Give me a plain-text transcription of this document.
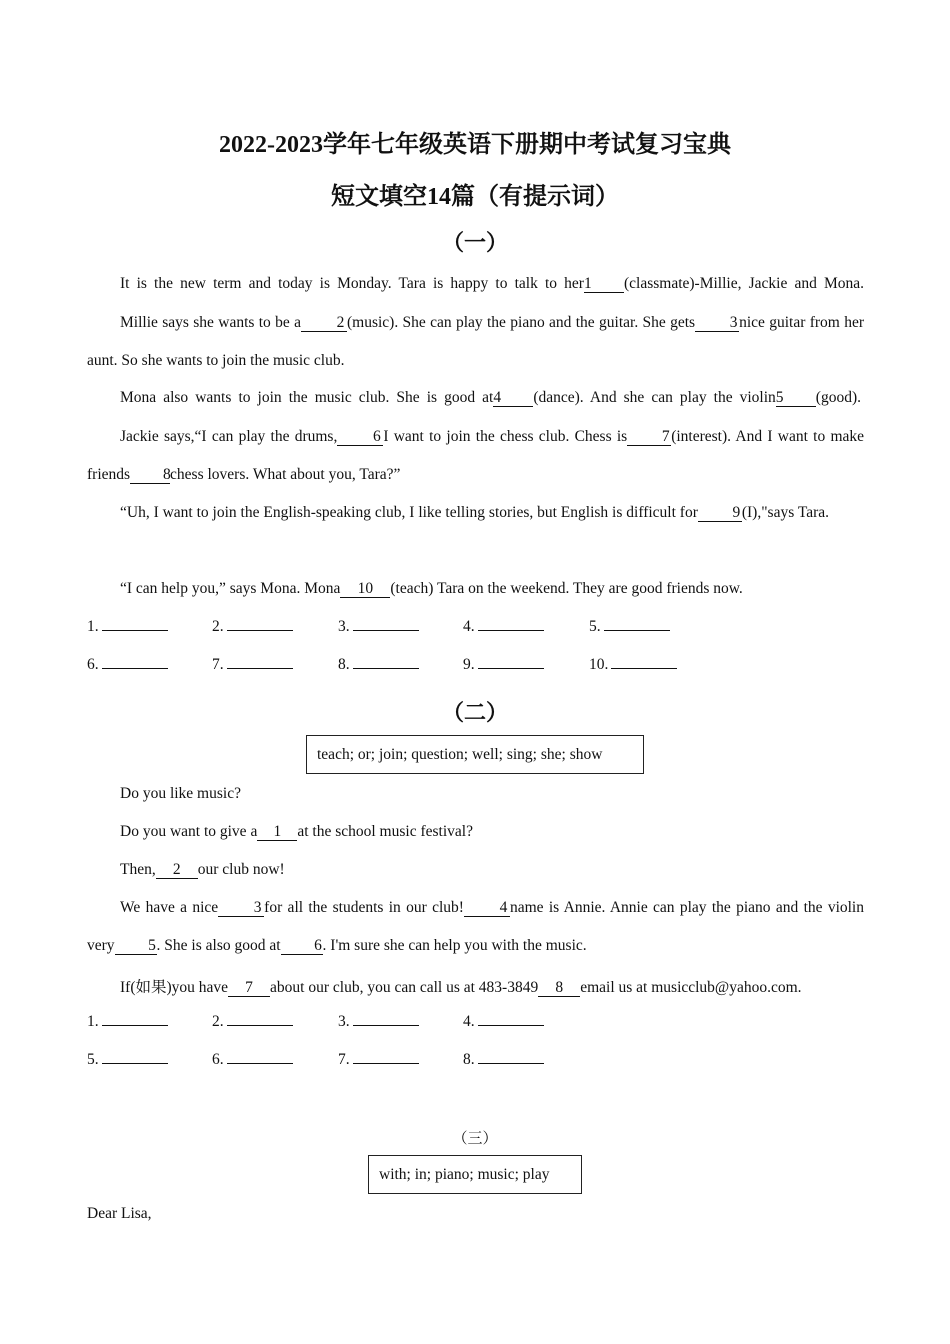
2022-2023学年七年级英语下册期中考试复习宝典
短文填空14篇（有提示词）
（一）
It is the new term and today is Monday. Tara is happy to talk to her1 (classmate)-Millie, Jackie and Mona.
Millie says she wants to be a 2 (music). She can play the piano and the guitar. She gets 3 nice guitar from her aunt. So she wants to join the music club.
Mona also wants to join the music club. She is good at4 (dance). And she can play the violin5 (good).
Jackie says,“I can play the drums, 6 I want to join the chess club. Chess is 7 (interest). And I want to make friends 8chess lovers. What about you, Tara?”
“Uh, I want to join the English-speaking club, I like telling stories, but English is difficult for 9 (I),"says Tara.
“I can help you,” says Mona. Mona 10 (teach) Tara on the weekend. They are good friends now.
1.	2.	3.	4.	5.
6.	7.	8.	9.	10.
（二）
teach; or; join; question; well; sing; she; show
Do you like music?
Do you want to give a 1 at the school music festival?
Then, 2 our club now!
We have a nice 3 for all the students in our club! 4 name is Annie. Annie can play the piano and the violin very 5. She is also good at 6. I'm sure she can help you with the music.
If(如果)you have 7 about our club, you can call us at 483-3849 8 email us at musicclub@yahoo.com.
1.	2.	3.	4.
5.	6.	7.	8.
（三）
with; in; piano; music; play
Dear Lisa,
